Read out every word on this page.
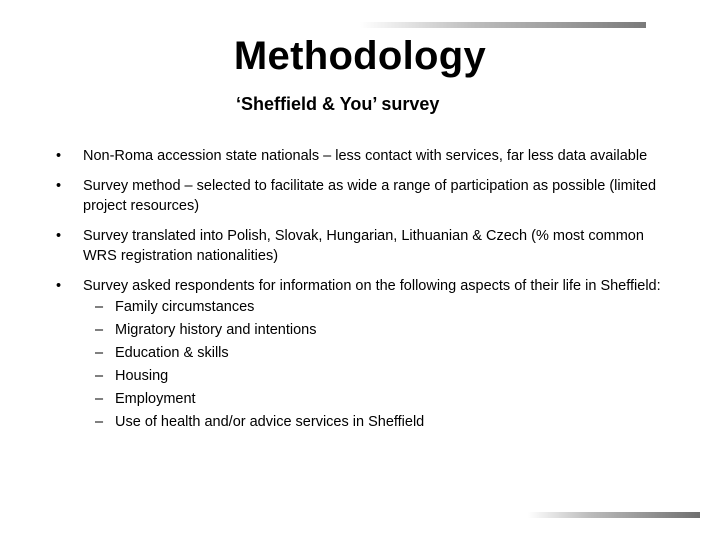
Methodology
‘Sheffield & You’ survey
• Non-Roma accession state nationals – less contact with services, far less data available
• Survey method – selected to facilitate as wide a range of participation as possible (limited project resources)
• Survey translated into Polish, Slovak, Hungarian, Lithuanian & Czech (% most common WRS registration nationalities)
• Survey asked respondents for information on the following aspects of their life in Sheffield:
– Family circumstances
– Migratory history and intentions
– Education & skills
– Housing
– Employment
– Use of health and/or advice services in Sheffield
